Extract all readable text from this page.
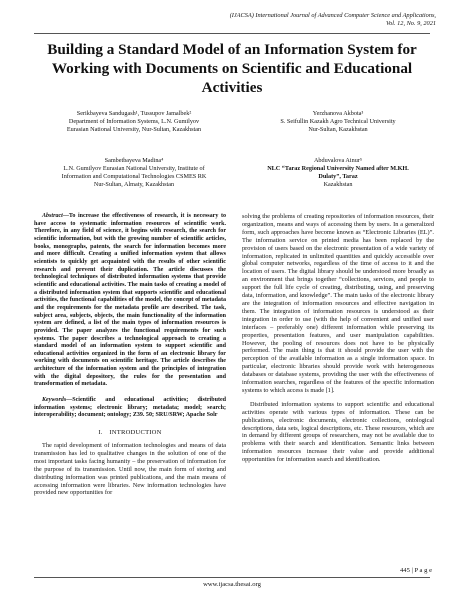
(IJACSA) International Journal of Advanced Computer Science and Applications,
Vol. 12, No. 9, 2021
Building a Standard Model of an Information System for Working with Documents on Scientific and Educational Activities
Serikbayeva Sandugash¹, Tussupov Jamalbek²
Department of Information Systems, L.N. Gumilyov
Eurasian National University, Nur-Sultan, Kazakhstan
Yerzhanova Akbota³
S. Seifullin Kazakh Agro Technical University
Nur-Sultan, Kazakhstan
Sambetbayeva Madina⁴
L.N. Gumilyov Eurasian National University, Institute of
Information and Computational Technologies CSMES RK
Nur-Sultan, Almaty, Kazakhstan
Abduvalova Ainur⁵
NLC “Taraz Regional University Named after M.KH.
Dulaty”, Taraz
Kazakhstan

Abstract—To increase the effectiveness of research, it is necessary to have access to systematic information resources of scientific work. Therefore, in any field of science, it begins with research, the search for scientific information, but with the growing number of scientific articles, books, monographs, patents, the search for information becomes more and more difficult. Creating a unified information system that allows scientists to quickly get acquainted with the results of other scientific research and prevent their duplication. The article discusses the technological techniques of distributed information systems that provide scientific and educational activities. The main tasks of creating a model of a distributed information system that supports scientific and educational activities, the functional capabilities of the model, the concept of metadata and the requirements for the metadata profile are described. The task, subject area, subjects, objects, the main functionality of the information system are defined, a list of the main types of information resources is provided. The paper analyzes the functional requirements for such systems. The paper describes a technological approach to creating a standard model of an information system to support scientific and educational activities organized in the form of an electronic library for working with documents on scientific heritage. The article describes the architecture of the information system and the principles of integration with the digital depository, the rules for the presentation and transformation of metadata.

Keywords—Scientific and educational activities; distributed information systems; electronic library; metadata; model; search; interoperability; document; ontology; Z39. 50; SRU/SRW; Apache Solr

I. INTRODUCTION

The rapid development of information technologies and means of data transmission has led to qualitative changes in the solution of one of the most important tasks facing humanity – the preservation of information for the purpose of its transmission. Until now, the main form of storing and distributing information was printed publications, and the main means of accessing information were libraries. New information technologies have provided new opportunities for

solving the problems of creating repositories of information resources, their organization, means and ways of accessing them by users. In a generalized form, such approaches have become known as “Electronic Libraries (EL)”. The information service on printed media has been replaced by the provision of users based on the electronic presentation of a wide variety of information, replicated in unlimited quantities and quickly accessible over global computer networks, regardless of the time of access to it and the location of users. The digital library should be understood more broadly as an environment that brings together “collections, services, and people to support the full life cycle of creating, distributing, using, and preserving data, information, and knowledge”. The main tasks of the electronic library are the integration of information resources and effective navigation in them. The integration of information resources is understood as their integration in order to use (with the help of convenient and unified user interfaces – preferably one) different information while preserving its properties, presentation features, and user manipulation capabilities. However, the pooling of resources does not have to be physically performed. The main thing is that it should provide the user with the perception of the available information as a single information space. In particular, electronic libraries should provide work with heterogeneous databases or database systems, providing the user with the effectiveness of information searches, regardless of the features of the specific information systems to which access is made [1].

Distributed information systems to support scientific and educational activities operate with various types of information. These can be publications, electronic documents, electronic collections, ontological descriptions, data sets, logical descriptions, etc. These resources, which are in demand by different groups of researchers, may not be available due to problems with their search and identification. Semantic links between information resources increase their value and provide additional opportunities for information search and identification.

445 | P a g e
www.ijacsa.thesai.org
